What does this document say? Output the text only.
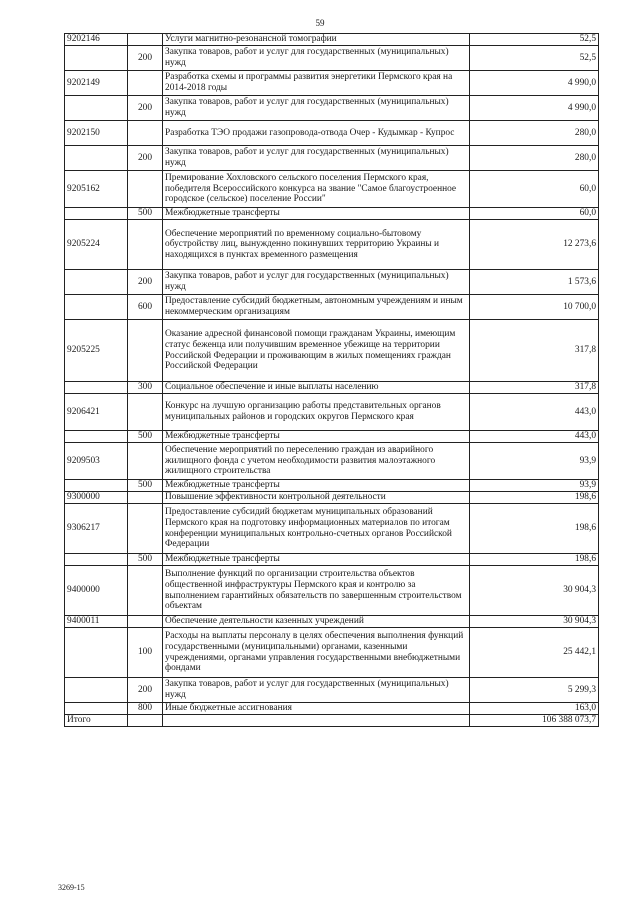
59
9202146		Услуги магнитно-резонансной томографии	52,5
	200	Закупка товаров, работ и услуг для государственных (муниципальных) нужд	52,5
9202149		Разработка схемы и программы развития энергетики Пермского края на 2014-2018 годы	4 990,0
	200	Закупка товаров, работ и услуг для государственных (муниципальных) нужд	4 990,0
9202150		Разработка ТЭО продажи газопровода-отвода Очер - Кудымкар - Купрос	280,0
	200	Закупка товаров, работ и услуг для государственных (муниципальных) нужд	280,0
9205162		Премирование Хохловского сельского поселения Пермского края, победителя Всероссийского конкурса на звание "Самое благоустроенное городское (сельское) поселение России"	60,0
	500	Межбюджетные трансферты	60,0
9205224		Обеспечение мероприятий по временному социально-бытовому обустройству лиц, вынужденно покинувших территорию Украины и находящихся в пунктах временного размещения	12 273,6
	200	Закупка товаров, работ и услуг для государственных (муниципальных) нужд	1 573,6
	600	Предоставление субсидий бюджетным, автономным учреждениям и иным некоммерческим организациям	10 700,0
9205225		Оказание адресной финансовой помощи гражданам Украины, имеющим статус беженца или получившим временное убежище на территории Российской Федерации и проживающим в жилых помещениях граждан Российской Федерации	317,8
	300	Социальное обеспечение и иные выплаты населению	317,8
9206421		Конкурс на лучшую организацию работы представительных органов муниципальных районов и городских округов Пермского края	443,0
	500	Межбюджетные трансферты	443,0
9209503		Обеспечение мероприятий по переселению граждан из аварийного жилищного фонда с учетом необходимости развития малоэтажного жилищного строительства	93,9
	500	Межбюджетные трансферты	93,9
9300000		Повышение эффективности контрольной деятельности	198,6
9306217		Предоставление субсидий бюджетам муниципальных образований Пермского края на подготовку информационных материалов по итогам конференции муниципальных контрольно-счетных органов Российской Федерации	198,6
	500	Межбюджетные трансферты	198,6
9400000		Выполнение функций по организации строительства объектов общественной инфраструктуры Пермского края и контролю за выполнением гарантийных обязательств по завершенным строительством объектам	30 904,3
9400011		Обеспечение деятельности казенных учреждений	30 904,3
	100	Расходы на выплаты персоналу в целях обеспечения выполнения функций государственными (муниципальными) органами, казенными учреждениями, органами управления государственными внебюджетными фондами	25 442,1
	200	Закупка товаров, работ и услуг для государственных (муниципальных) нужд	5 299,3
	800	Иные бюджетные ассигнования	163,0
Итого			106 388 073,7
3269-15
